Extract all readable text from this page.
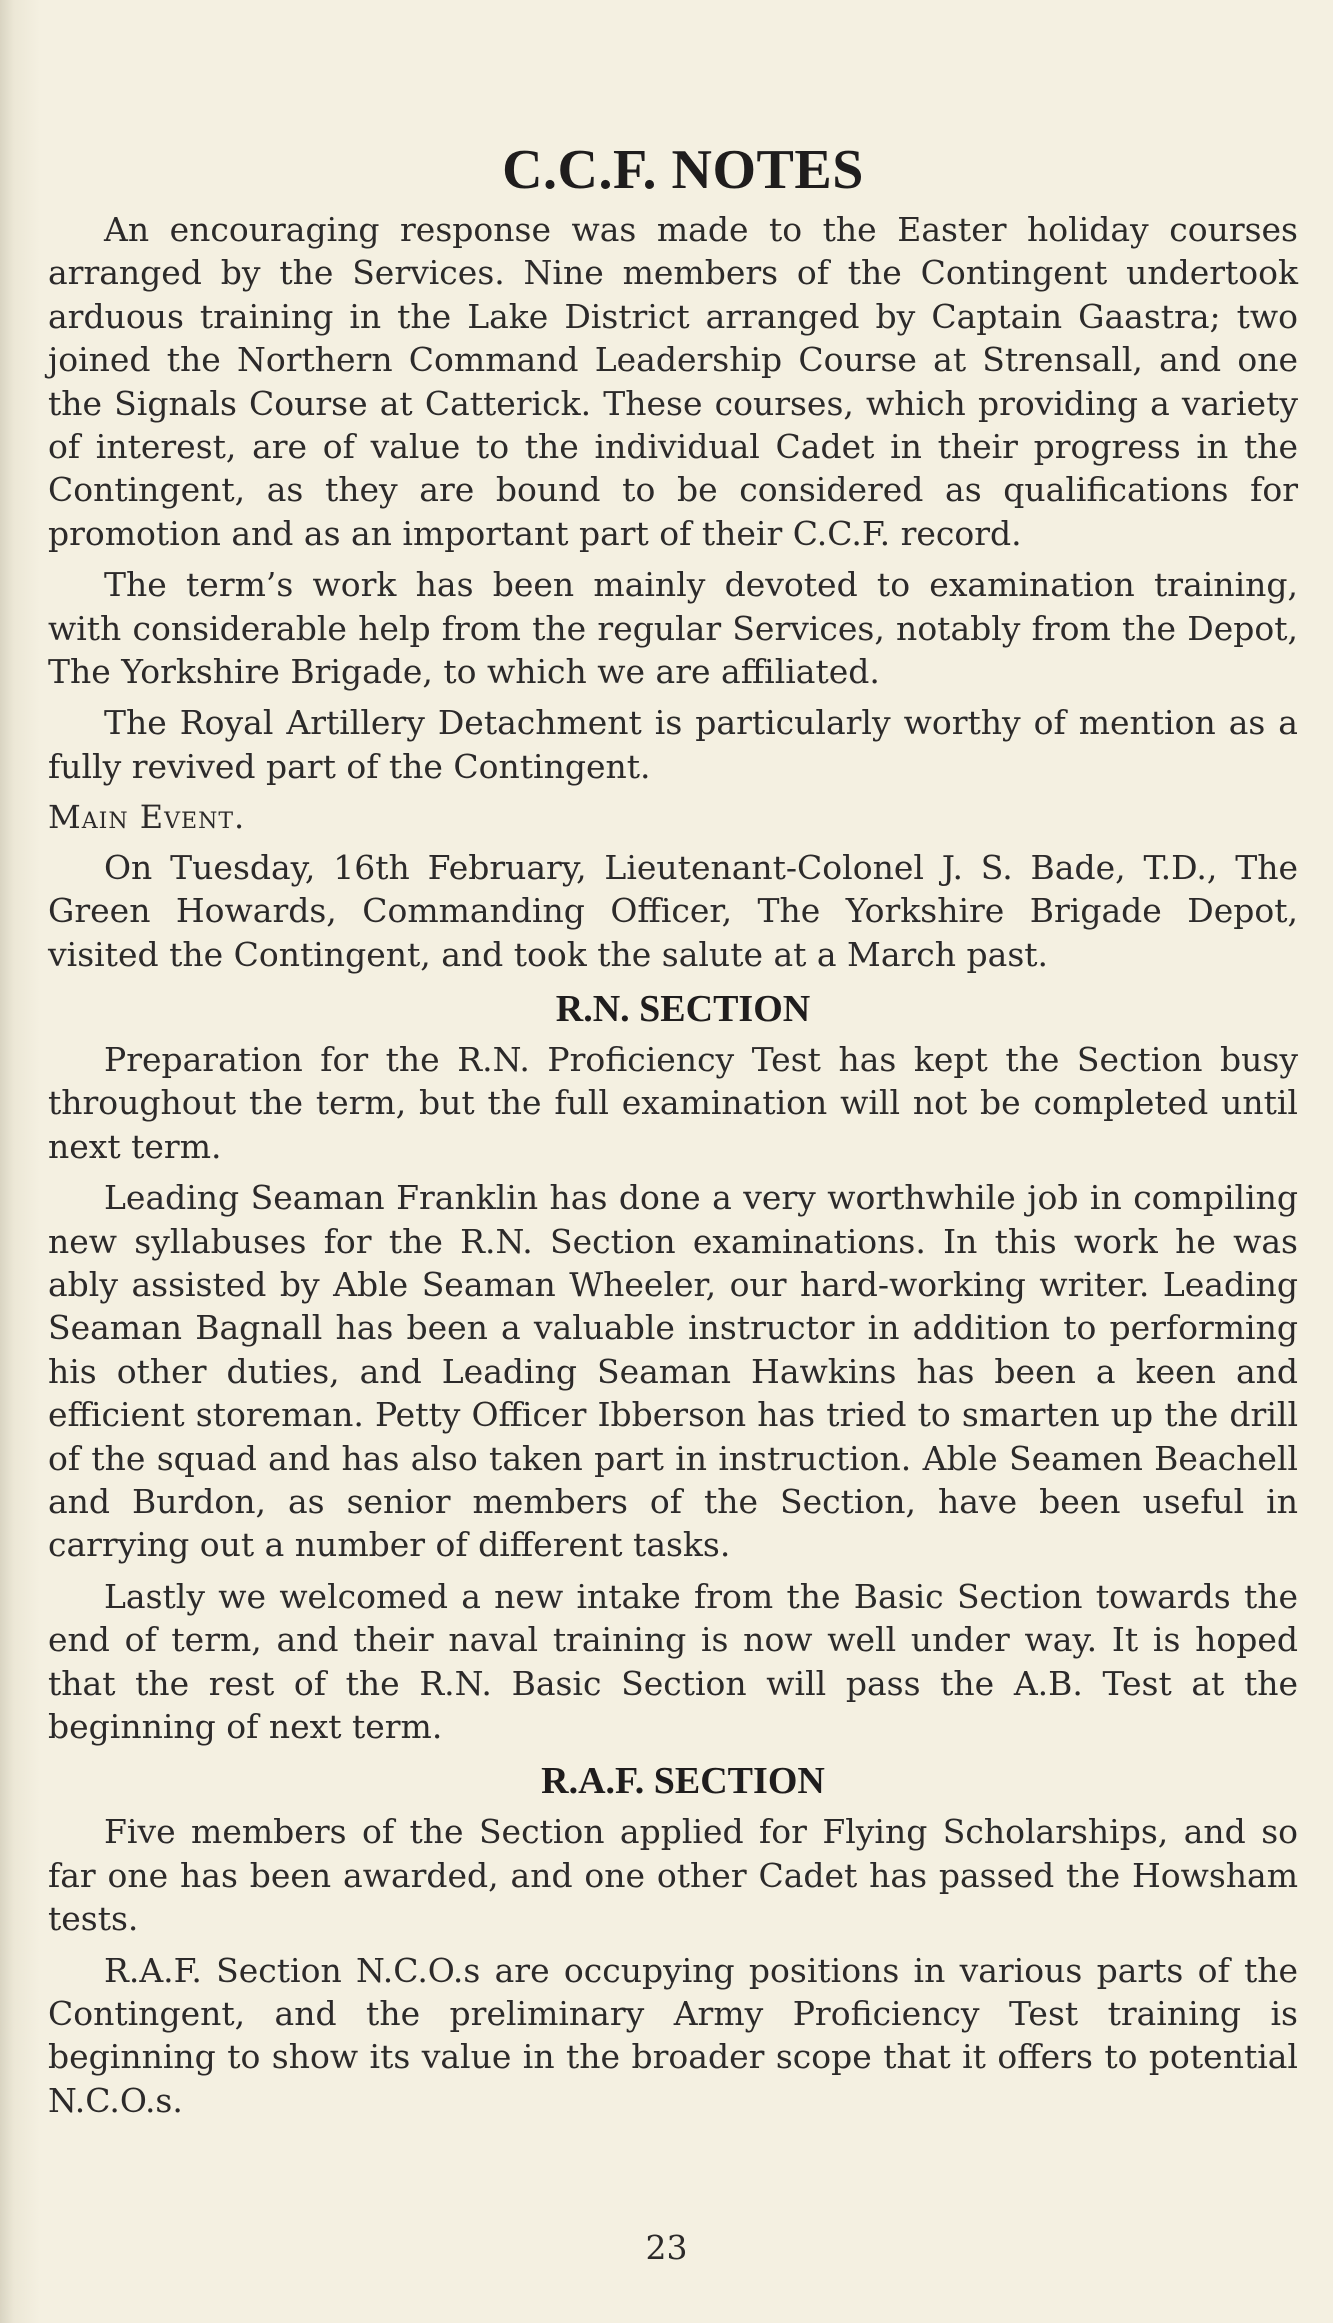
C.C.F. NOTES

An encouraging response was made to the Easter holiday courses arranged by the Services. Nine members of the Contingent undertook arduous training in the Lake District arranged by Captain Gaastra; two joined the Northern Command Leadership Course at Strensall, and one the Signals Course at Catterick. These courses, which providing a variety of interest, are of value to the individual Cadet in their progress in the Contingent, as they are bound to be considered as qualifications for promotion and as an important part of their C.C.F. record.

The term’s work has been mainly devoted to examination training, with considerable help from the regular Services, notably from the Depot, The Yorkshire Brigade, to which we are affiliated.

The Royal Artillery Detachment is particularly worthy of mention as a fully revived part of the Contingent.

Main Event.

On Tuesday, 16th February, Lieutenant-Colonel J. S. Bade, T.D., The Green Howards, Commanding Officer, The Yorkshire Brigade Depot, visited the Contingent, and took the salute at a March past.

R.N. SECTION

Preparation for the R.N. Proficiency Test has kept the Section busy throughout the term, but the full examination will not be completed until next term.

Leading Seaman Franklin has done a very worthwhile job in compiling new syllabuses for the R.N. Section examinations. In this work he was ably assisted by Able Seaman Wheeler, our hard-working writer. Leading Seaman Bagnall has been a valuable instructor in addition to performing his other duties, and Leading Seaman Hawkins has been a keen and efficient storeman. Petty Officer Ibberson has tried to smarten up the drill of the squad and has also taken part in instruction. Able Seamen Beachell and Burdon, as senior members of the Section, have been useful in carrying out a number of different tasks.

Lastly we welcomed a new intake from the Basic Section towards the end of term, and their naval training is now well under way. It is hoped that the rest of the R.N. Basic Section will pass the A.B. Test at the beginning of next term.

R.A.F. SECTION

Five members of the Section applied for Flying Scholarships, and so far one has been awarded, and one other Cadet has passed the Howsham tests.

R.A.F. Section N.C.O.s are occupying positions in various parts of the Contingent, and the preliminary Army Proficiency Test training is beginning to show its value in the broader scope that it offers to potential N.C.O.s.

23
